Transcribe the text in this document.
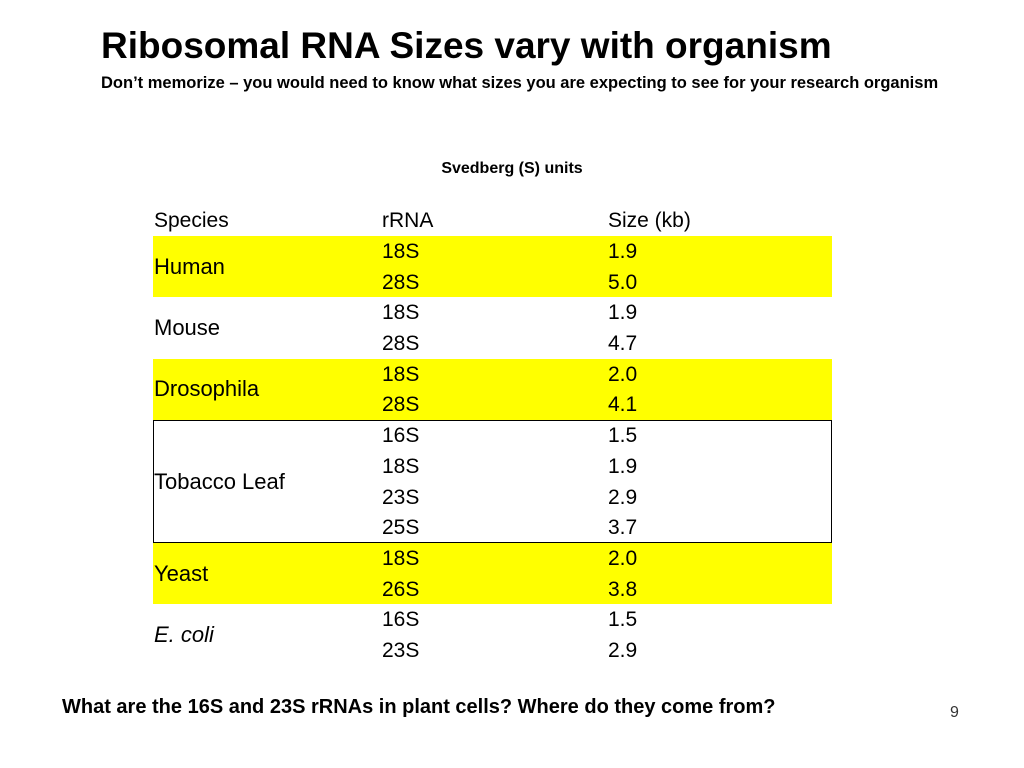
Ribosomal RNA Sizes vary with organism
Don’t memorize – you would need to know what sizes you are expecting to see for your research organism
Svedberg (S) units
Species	rRNA	Size (kb)
Human
18S	1.9
28S	5.0
Mouse
18S	1.9
28S	4.7
Drosophila
18S	2.0
28S	4.1
Tobacco Leaf
16S	1.5
18S	1.9
23S	2.9
25S	3.7
Yeast
18S	2.0
26S	3.8
E. coli
16S	1.5
23S	2.9
What are the 16S and 23S rRNAs in plant cells? Where do they come from?	9
